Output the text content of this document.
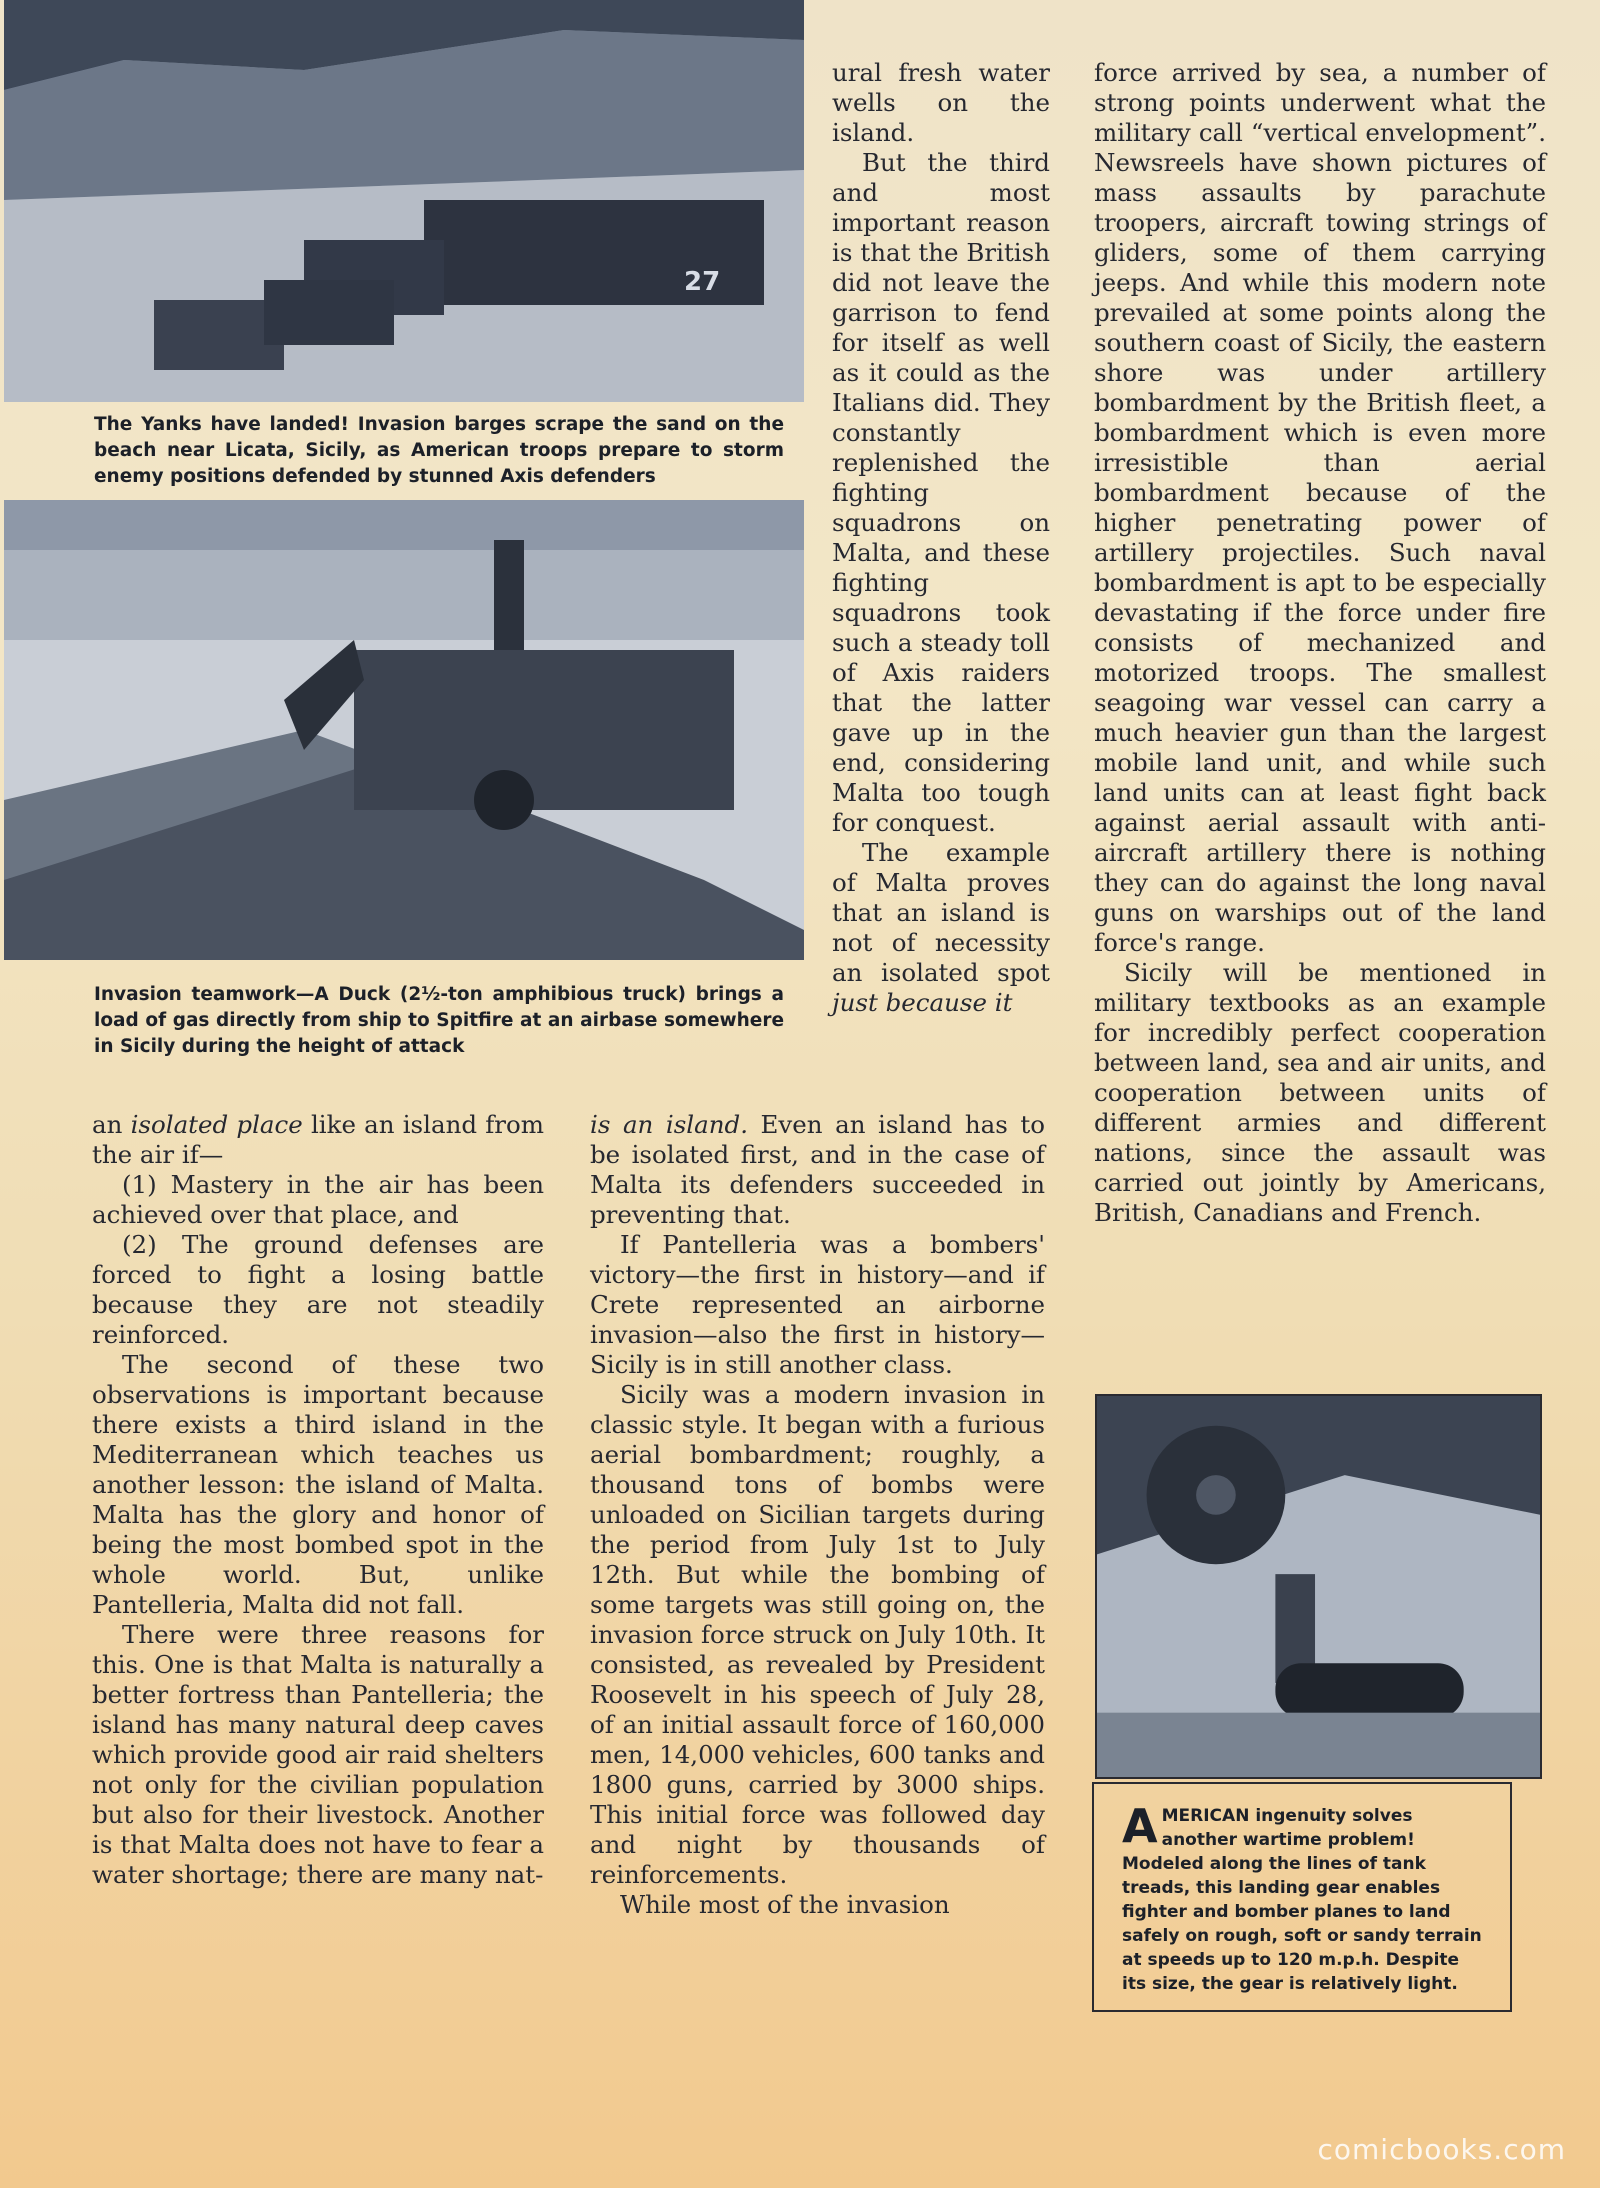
27
The Yanks have landed! Invasion barges scrape the sand on the beach near Licata, Sicily, as American troops prepare to storm enemy positions defended by stunned Axis defenders
Invasion teamwork—A Duck (2½-ton amphibious truck) brings a load of gas directly from ship to Spitfire at an airbase somewhere in Sicily during the height of attack

an isolated place like an island from the air if—

(1) Mastery in the air has been achieved over that place, and

(2) The ground defenses are forced to fight a losing battle because they are not steadily reinforced.

The second of these two observations is important because there exists a third island in the Mediterranean which teaches us another lesson: the island of Malta. Malta has the glory and honor of being the most bombed spot in the whole world. But, unlike Pantelleria, Malta did not fall.

There were three reasons for this. One is that Malta is naturally a better fortress than Pantelleria; the island has many natural deep caves which provide good air raid shelters not only for the civilian population but also for their livestock. Another is that Malta does not have to fear a water shortage; there are many nat-

is an island. Even an island has to be isolated first, and in the case of Malta its defenders succeeded in preventing that.

If Pantelleria was a bombers' victory—the first in history—and if Crete represented an airborne invasion—also the first in history—Sicily is in still another class.

Sicily was a modern invasion in classic style. It began with a furious aerial bombardment; roughly, a thousand tons of bombs were unloaded on Sicilian targets during the period from July 1st to July 12th. But while the bombing of some targets was still going on, the invasion force struck on July 10th. It consisted, as revealed by President Roosevelt in his speech of July 28, of an initial assault force of 160,000 men, 14,000 vehicles, 600 tanks and 1800 guns, carried by 3000 ships. This initial force was followed day and night by thousands of reinforcements.

While most of the invasion

ural fresh water wells on the island.

But the third and most important reason is that the British did not leave the garrison to fend for itself as well as it could as the Italians did. They constantly replenished the fighting squadrons on Malta, and these fighting squadrons took such a steady toll of Axis raiders that the latter gave up in the end, considering Malta too tough for conquest.

The example of Malta proves that an island is not of necessity an isolated spot just because it

force arrived by sea, a number of strong points underwent what the military call “vertical envelopment”. Newsreels have shown pictures of mass assaults by parachute troopers, aircraft towing strings of gliders, some of them carrying jeeps. And while this modern note prevailed at some points along the southern coast of Sicily, the eastern shore was under artillery bombardment by the British fleet, a bombardment which is even more irresistible than aerial bombardment because of the higher penetrating power of artillery projectiles. Such naval bombardment is apt to be especially devastating if the force under fire consists of mechanized and motorized troops. The smallest seagoing war vessel can carry a much heavier gun than the largest mobile land unit, and while such land units can at least fight back against aerial assault with anti-aircraft artillery there is nothing they can do against the long naval guns on warships out of the land force's range.

Sicily will be mentioned in military textbooks as an example for incredibly perfect cooperation between land, sea and air units, and cooperation between units of different armies and different nations, since the assault was carried out jointly by Americans, British, Canadians and French.

AMERICAN ingenuity solves another wartime problem! Modeled along the lines of tank treads, this landing gear enables fighter and bomber planes to land safely on rough, soft or sandy terrain at speeds up to 120 m.p.h. Despite its size, the gear is relatively light.
comicbooks.com
